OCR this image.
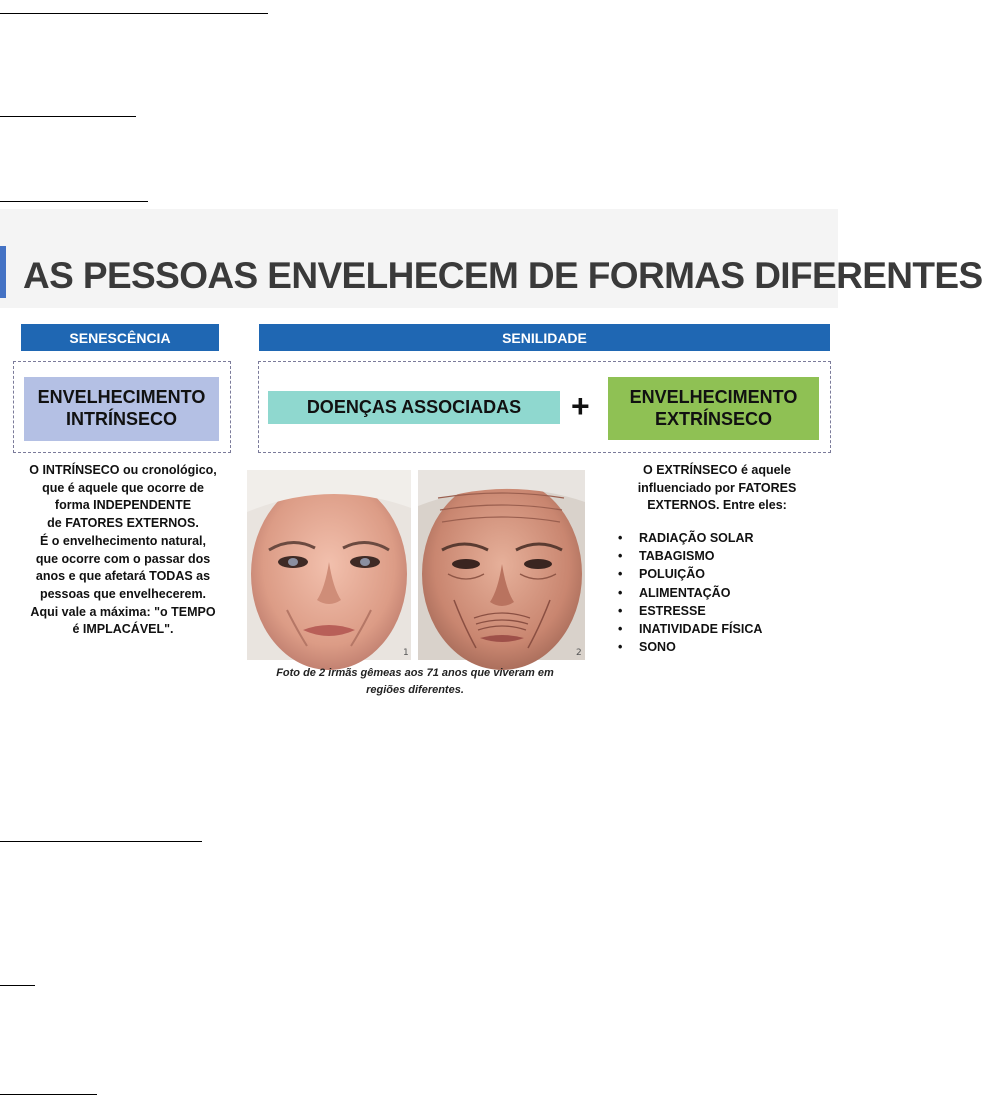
AS PESSOAS ENVELHECEM DE FORMAS DIFERENTES
SENESCÊNCIA	SENILIDADE
ENVELHECIMENTO
INTRÍNSECO
DOENÇAS ASSOCIADAS	+ ENVELHECIMENTO
EXTRÍNSECO
O INTRÍNSECO ou cronológico,
que é aquele que ocorre de
forma INDEPENDENTE
de FATORES EXTERNOS.
É o envelhecimento natural,
que ocorre com o passar dos
anos e que afetará TODAS as
pessoas que envelhecerem.
Aqui vale a máxima: "o TEMPO
é IMPLACÁVEL".
1	2
Foto de 2 irmãs gêmeas aos 71 anos que viveram em
regiões diferentes.
O EXTRÍNSECO é aquele
influenciado por FATORES
EXTERNOS. Entre eles:
• RADIAÇÃO SOLAR
• TABAGISMO
• POLUIÇÃO
• ALIMENTAÇÃO
• ESTRESSE
• INATIVIDADE FÍSICA
• SONO
